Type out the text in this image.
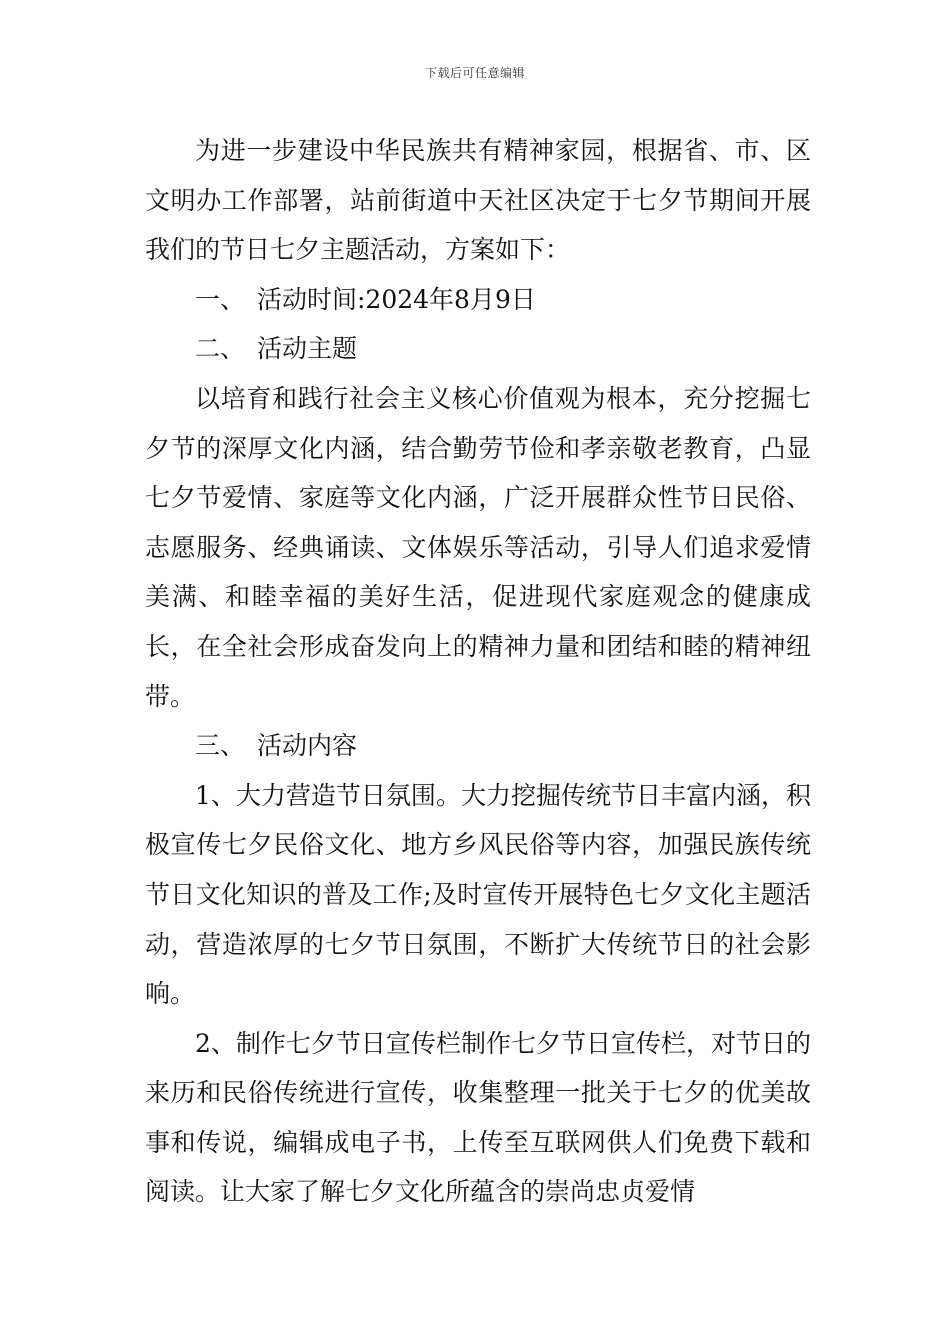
下载后可任意编辑

为进一步建设中华民族共有精神家园，根据省、市、区文明办工作部署，站前街道中天社区决定于七夕节期间开展我们的节日七夕主题活动，方案如下：

一、 活动时间:2024年8月9日

二、 活动主题

以培育和践行社会主义核心价值观为根本，充分挖掘七夕节的深厚文化内涵，结合勤劳节俭和孝亲敬老教育，凸显七夕节爱情、家庭等文化内涵，广泛开展群众性节日民俗、志愿服务、经典诵读、文体娱乐等活动，引导人们追求爱情美满、和睦幸福的美好生活，促进现代家庭观念的健康成长，在全社会形成奋发向上的精神力量和团结和睦的精神纽带。

三、 活动内容

1、大力营造节日氛围。大力挖掘传统节日丰富内涵，积极宣传七夕民俗文化、地方乡风民俗等内容，加强民族传统节日文化知识的普及工作;及时宣传开展特色七夕文化主题活动，营造浓厚的七夕节日氛围，不断扩大传统节日的社会影响。

2、制作七夕节日宣传栏制作七夕节日宣传栏，对节日的来历和民俗传统进行宣传，收集整理一批关于七夕的优美故事和传说，编辑成电子书，上传至互联网供人们免费下载和阅读。让大家了解七夕文化所蕴含的崇尚忠贞爱情
